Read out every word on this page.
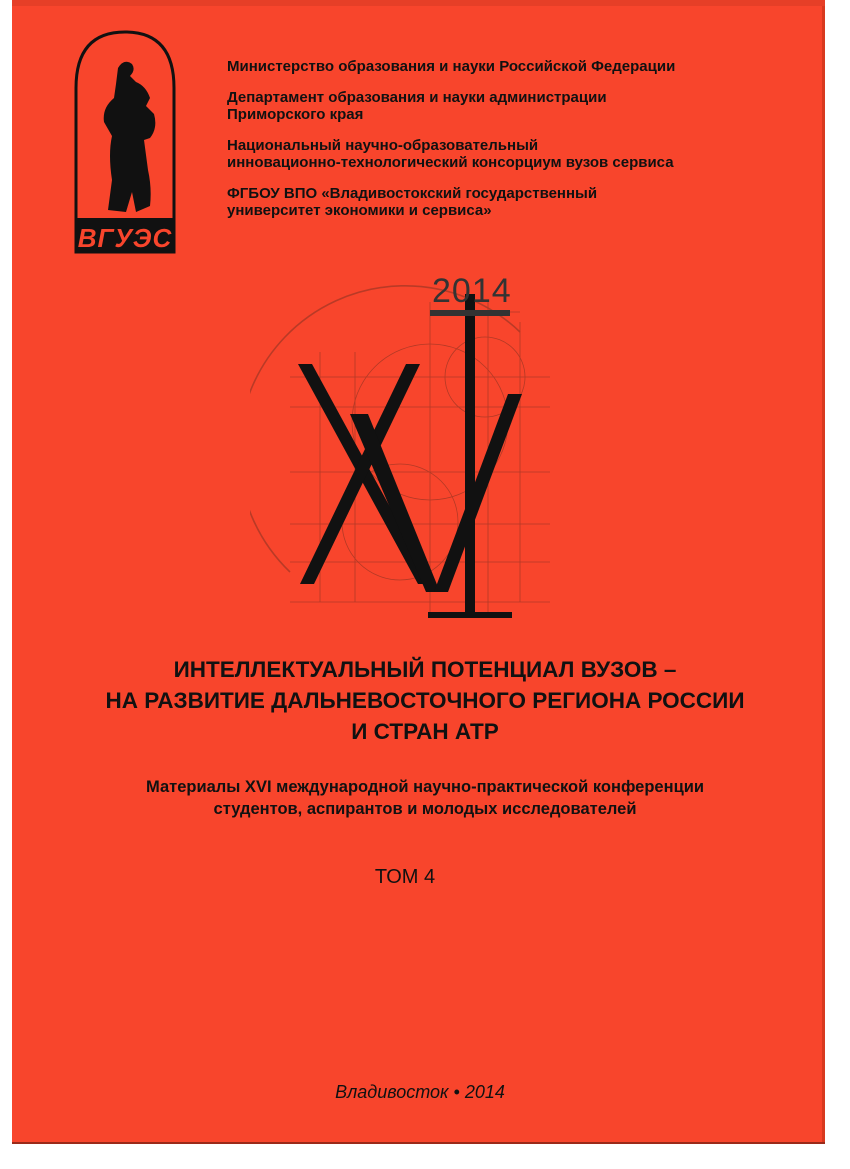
ВГУЭС
Министерство образования и науки Российской Федерации
Департамент образования и науки администрации
Приморского края
Национальный научно-образовательный
инновационно-технологический консорциум вузов сервиса
ФГБОУ ВПО «Владивостокский государственный
университет экономики и сервиса»
2014
ИНТЕЛЛЕКТУАЛЬНЫЙ ПОТЕНЦИАЛ ВУЗОВ –
НА РАЗВИТИЕ ДАЛЬНЕВОСТОЧНОГО РЕГИОНА РОССИИ
И СТРАН АТР
Материалы XVI международной научно-практической конференции
студентов, аспирантов и молодых исследователей
ТОМ 4
Владивосток • 2014
